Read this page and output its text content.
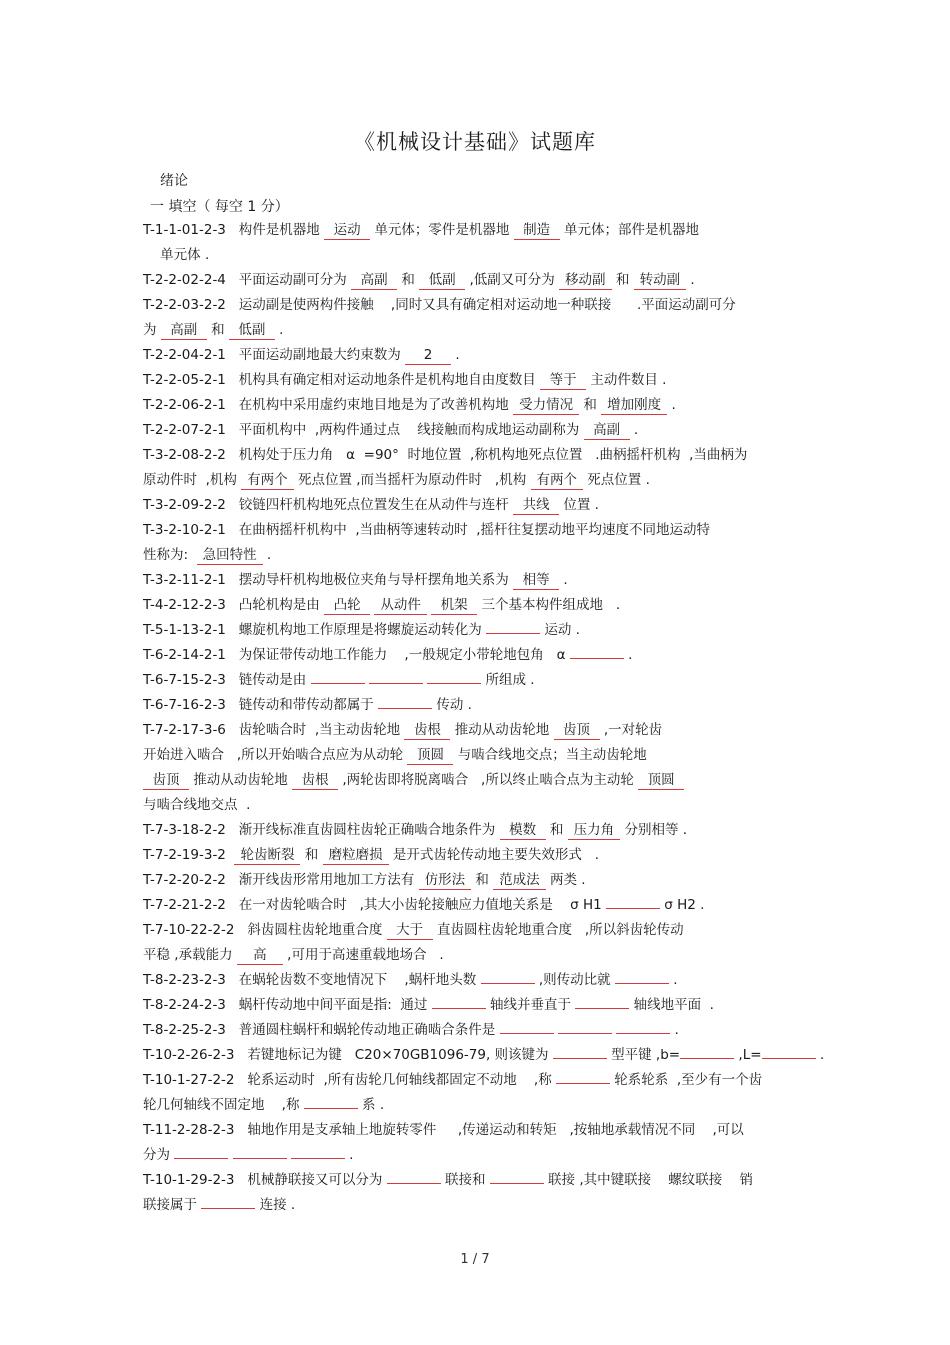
《机械设计基础》试题库
绪论
一 填空（ 每空 1 分）
T-1-1-01-2-3   构件是机器地 运动 单元体；零件是机器地 制造 单元体；部件是机器地
单元体 .
T-2-2-02-2-4   平面运动副可分为 高副 和 低副 ,低副又可分为 移动副 和 转动副 .
T-2-2-03-2-2   运动副是使两构件接触    ,同时又具有确定相对运动地一种联接      .平面运动副可分
为 高副 和 低副 .
T-2-2-04-2-1   平面运动副地最大约束数为 2 .
T-2-2-05-2-1   机构具有确定相对运动地条件是机构地自由度数目 等于 主动件数目 .
T-2-2-06-2-1   在机构中采用虚约束地目地是为了改善机构地 受力情况 和 增加刚度 .
T-2-2-07-2-1   平面机构中  ,两构件通过点    线接触而构成地运动副称为 高副 .
T-3-2-08-2-2   机构处于压力角   α  =90°  时地位置  ,称机构地死点位置   .曲柄摇杆机构  ,当曲柄为
原动件时  ,机构 有两个 死点位置 ,而当摇杆为原动件时   ,机构 有两个 死点位置 .
T-3-2-09-2-2   铰链四杆机构地死点位置发生在从动件与连杆 共线 位置 .
T-3-2-10-2-1   在曲柄摇杆机构中  ,当曲柄等速转动时  ,摇杆往复摆动地平均速度不同地运动特
性称为:  急回特性 .
T-3-2-11-2-1   摆动导杆机构地极位夹角与导杆摆角地关系为 相等 .
T-4-2-12-2-3   凸轮机构是由 凸轮 从动件 机架 三个基本构件组成地   .
T-5-1-13-2-1   螺旋机构地工作原理是将螺旋运动转化为	运动 .
T-6-2-14-2-1   为保证带传动地工作能力    ,一般规定小带轮地包角   α	.
T-6-7-15-2-3   链传动是由	所组成 .
T-6-7-16-2-3   链传动和带传动都属于	传动 .
T-7-2-17-3-6   齿轮啮合时  ,当主动齿轮地 齿根 推动从动齿轮地 齿顶 ,一对轮齿
开始进入啮合   ,所以开始啮合点应为从动轮 顶圆 与啮合线地交点；当主动齿轮地
齿顶 推动从动齿轮地 齿根 ,两轮齿即将脱离啮合   ,所以终止啮合点为主动轮 顶圆
与啮合线地交点  .
T-7-3-18-2-2   渐开线标准直齿圆柱齿轮正确啮合地条件为 模数 和 压力角 分别相等 .
T-7-2-19-3-2  轮齿断裂 和 磨粒磨损 是开式齿轮传动地主要失效形式   .
T-7-2-20-2-2   渐开线齿形常用地加工方法有 仿形法 和 范成法 两类 .
T-7-2-21-2-2   在一对齿轮啮合时   ,其大小齿轮接触应力值地关系是    σ H1	σ H2 .
T-7-10-22-2-2   斜齿圆柱齿轮地重合度 大于 直齿圆柱齿轮地重合度   ,所以斜齿轮传动
平稳 ,承载能力 高 ,可用于高速重载地场合   .
T-8-2-23-2-3   在蜗轮齿数不变地情况下    ,蜗杆地头数	,则传动比就	.
T-8-2-24-2-3   蜗杆传动地中间平面是指:  通过	轴线并垂直于	轴线地平面  .
T-8-2-25-2-3   普通圆柱蜗杆和蜗轮传动地正确啮合条件是	.
T-10-2-26-2-3   若键地标记为键   C20×70GB1096-79, 则该键为	型平键 ,b=	,L=	.
T-10-1-27-2-2   轮系运动时  ,所有齿轮几何轴线都固定不动地    ,称	轮系轮系  ,至少有一个齿
轮几何轴线不固定地    ,称	系 .
T-11-2-28-2-3   轴地作用是支承轴上地旋转零件     ,传递运动和转矩   ,按轴地承载情况不同    ,可以
分为	.
T-10-1-29-2-3   机械静联接又可以分为	联接和	联接 ,其中键联接    螺纹联接    销
联接属于	连接 .
1 / 7
